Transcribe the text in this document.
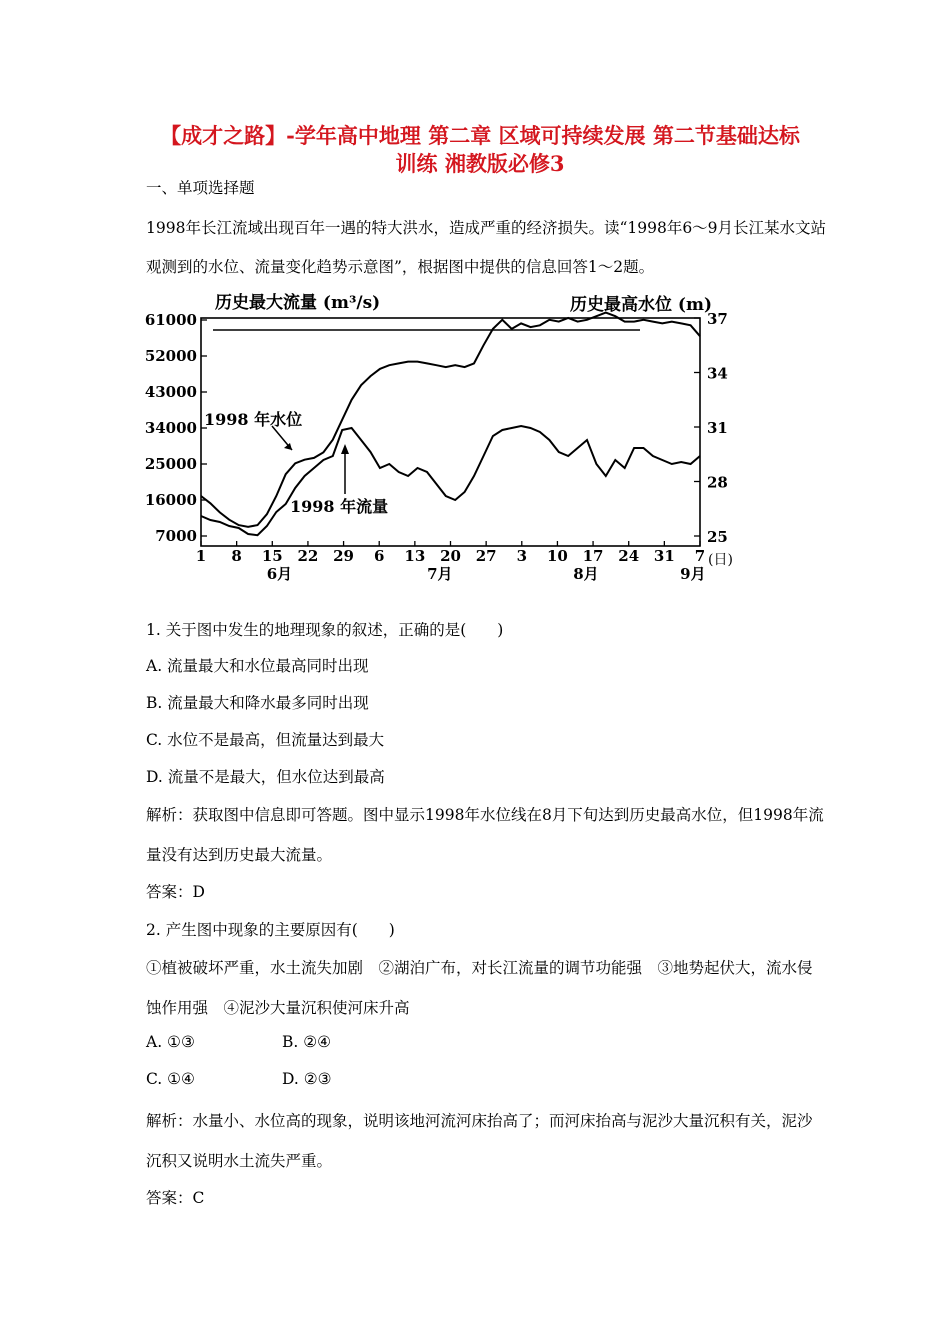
【成才之路】-学年高中地理 第二章 区域可持续发展 第二节基础达标训练 湘教版必修3
一、单项选择题
1998年长江流域出现百年一遇的特大洪水，造成严重的经济损失。读“1998年6～9月长江某水文站
观测到的水位、流量变化趋势示意图”，根据图中提供的信息回答1～2题。
历史最大流量 (m³/s)	历史最高水位 (m)
61000
52000
43000
34000
25000
16000
7000
37
34
31
28
25
1 8 15 22 29 6 13 20 27 3 10 17 24 31 7
1998 年水位
1998 年流量
(日)
6月	7月	8月	9月
1. 关于图中发生的地理现象的叙述，正确的是(　　)
A. 流量最大和水位最高同时出现
B. 流量最大和降水最多同时出现
C. 水位不是最高，但流量达到最大
D. 流量不是最大，但水位达到最高
解析：获取图中信息即可答题。图中显示1998年水位线在8月下旬达到历史最高水位，但1998年流
量没有达到历史最大流量。
答案：D
2. 产生图中现象的主要原因有(　　)
①植被破坏严重，水土流失加剧　②湖泊广布，对长江流量的调节功能强　③地势起伏大，流水侵
蚀作用强　④泥沙大量沉积使河床升高
A. ①③	B. ②④
C. ①④	D. ②③
解析：水量小、水位高的现象，说明该地河流河床抬高了；而河床抬高与泥沙大量沉积有关，泥沙
沉积又说明水土流失严重。
答案：C
